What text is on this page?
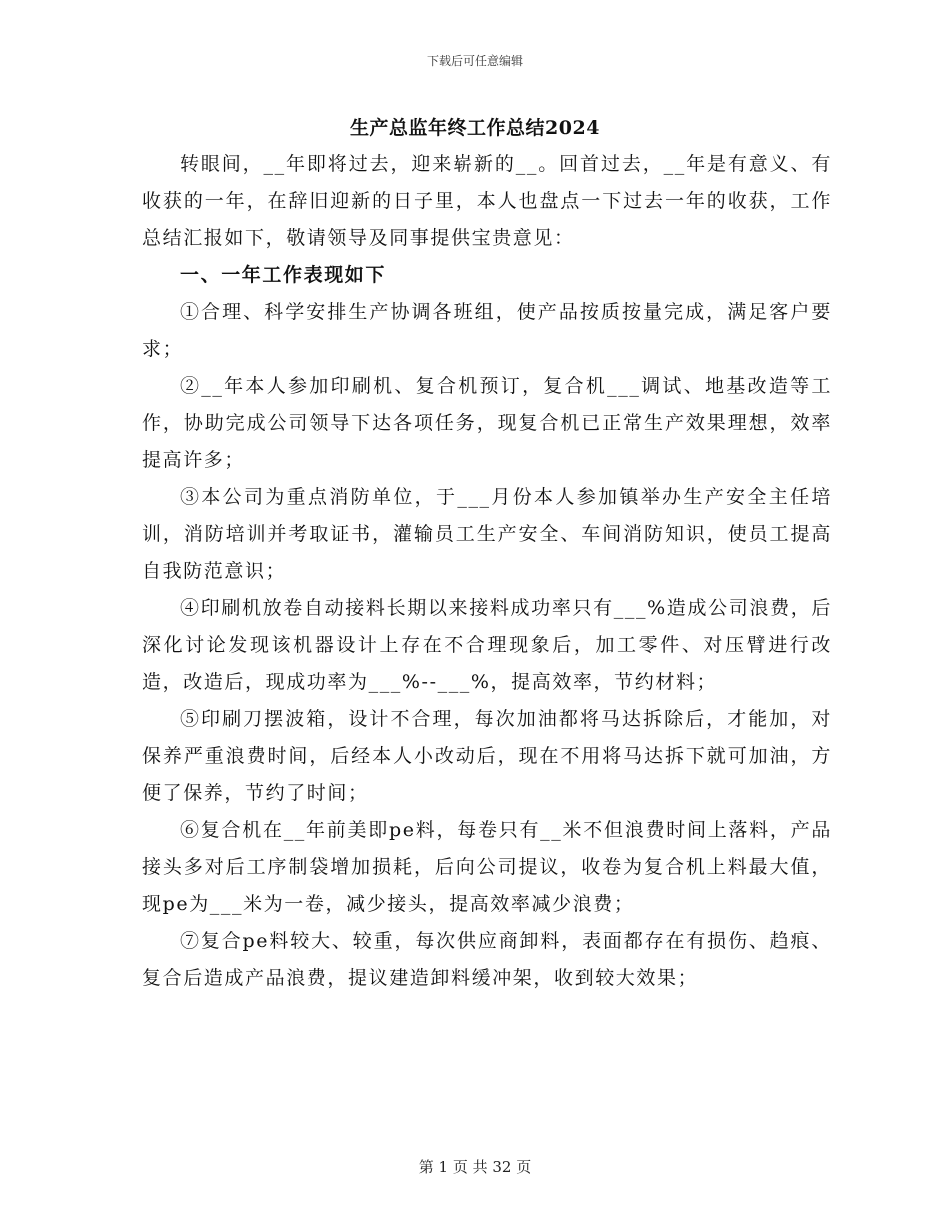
下载后可任意编辑
生产总监年终工作总结2024

转眼间，__年即将过去，迎来崭新的__。回首过去，__年是有意义、有收获的一年，在辞旧迎新的日子里，本人也盘点一下过去一年的收获，工作总结汇报如下，敬请领导及同事提供宝贵意见：

一、一年工作表现如下

①合理、科学安排生产协调各班组，使产品按质按量完成，满足客户要求；

②__年本人参加印刷机、复合机预订，复合机___调试、地基改造等工作，协助完成公司领导下达各项任务，现复合机已正常生产效果理想，效率提高许多；

③本公司为重点消防单位，于___月份本人参加镇举办生产安全主任培训，消防培训并考取证书，灌输员工生产安全、车间消防知识，使员工提高自我防范意识；

④印刷机放卷自动接料长期以来接料成功率只有___%造成公司浪费，后深化讨论发现该机器设计上存在不合理现象后，加工零件、对压臂进行改造，改造后，现成功率为___%--___%，提高效率，节约材料；

⑤印刷刀摆波箱，设计不合理，每次加油都将马达拆除后，才能加，对保养严重浪费时间，后经本人小改动后，现在不用将马达拆下就可加油，方便了保养，节约了时间；

⑥复合机在__年前美即pe料，每卷只有__米不但浪费时间上落料，产品接头多对后工序制袋增加损耗，后向公司提议，收卷为复合机上料最大值，现pe为___米为一卷，减少接头，提高效率减少浪费；

⑦复合pe料较大、较重，每次供应商卸料，表面都存在有损伤、趋痕、复合后造成产品浪费，提议建造卸料缓冲架，收到较大效果；

第 1 页 共 32 页
